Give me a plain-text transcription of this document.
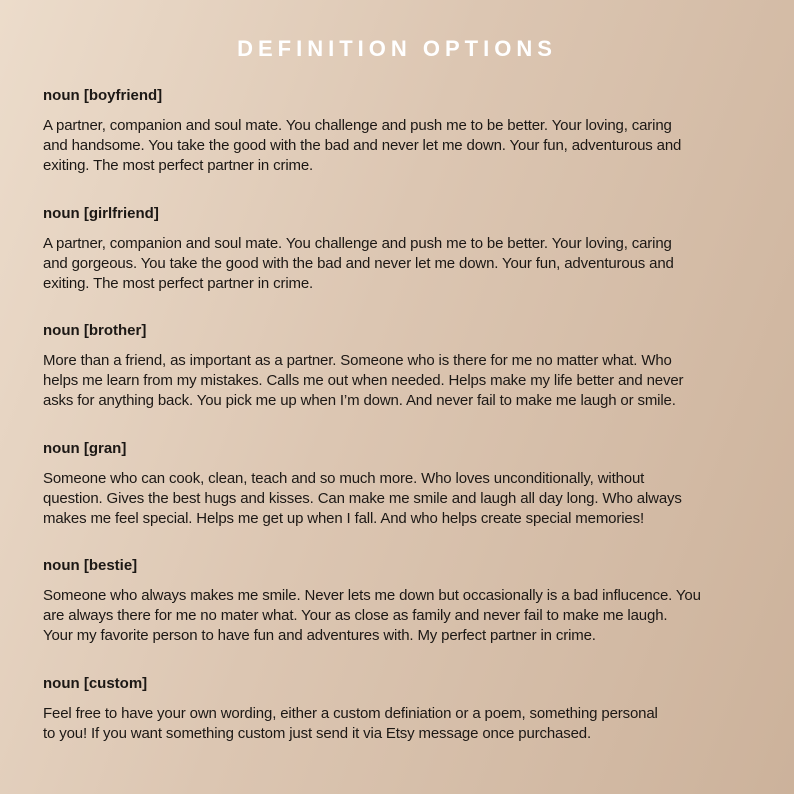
DEFINITION OPTIONS
noun [boyfriend]
A partner, companion and soul mate. You challenge and push me to be better. Your loving, caring
and handsome. You take the good with the bad and never let me down. Your fun, adventurous and
exiting. The most perfect partner in crime.
noun [girlfriend]
A partner, companion and soul mate. You challenge and push me to be better. Your loving, caring
and gorgeous. You take the good with the bad and never let me down. Your fun, adventurous and
exiting. The most perfect partner in crime.
noun [brother]
More than a friend, as important as a partner. Someone who is there for me no matter what. Who
helps me learn from my mistakes. Calls me out when needed. Helps make my life better and never
asks for anything back. You pick me up when I’m down. And never fail to make me laugh or smile.
noun [gran]
Someone who can cook, clean, teach and so much more. Who loves unconditionally, without
question. Gives the best hugs and kisses. Can make me smile and laugh all day long. Who always
makes me feel special. Helps me get up when I fall. And who helps create special memories!
noun [bestie]
Someone who always makes me smile. Never lets me down but occasionally is a bad influcence. You
are always there for me no mater what. Your as close as family and never fail to make me laugh.
Your my favorite person to have fun and adventures with. My perfect partner in crime.
noun [custom]
Feel free to have your own wording, either a custom definiation or a poem, something personal
to you! If you want something custom just send it via Etsy message once purchased.
